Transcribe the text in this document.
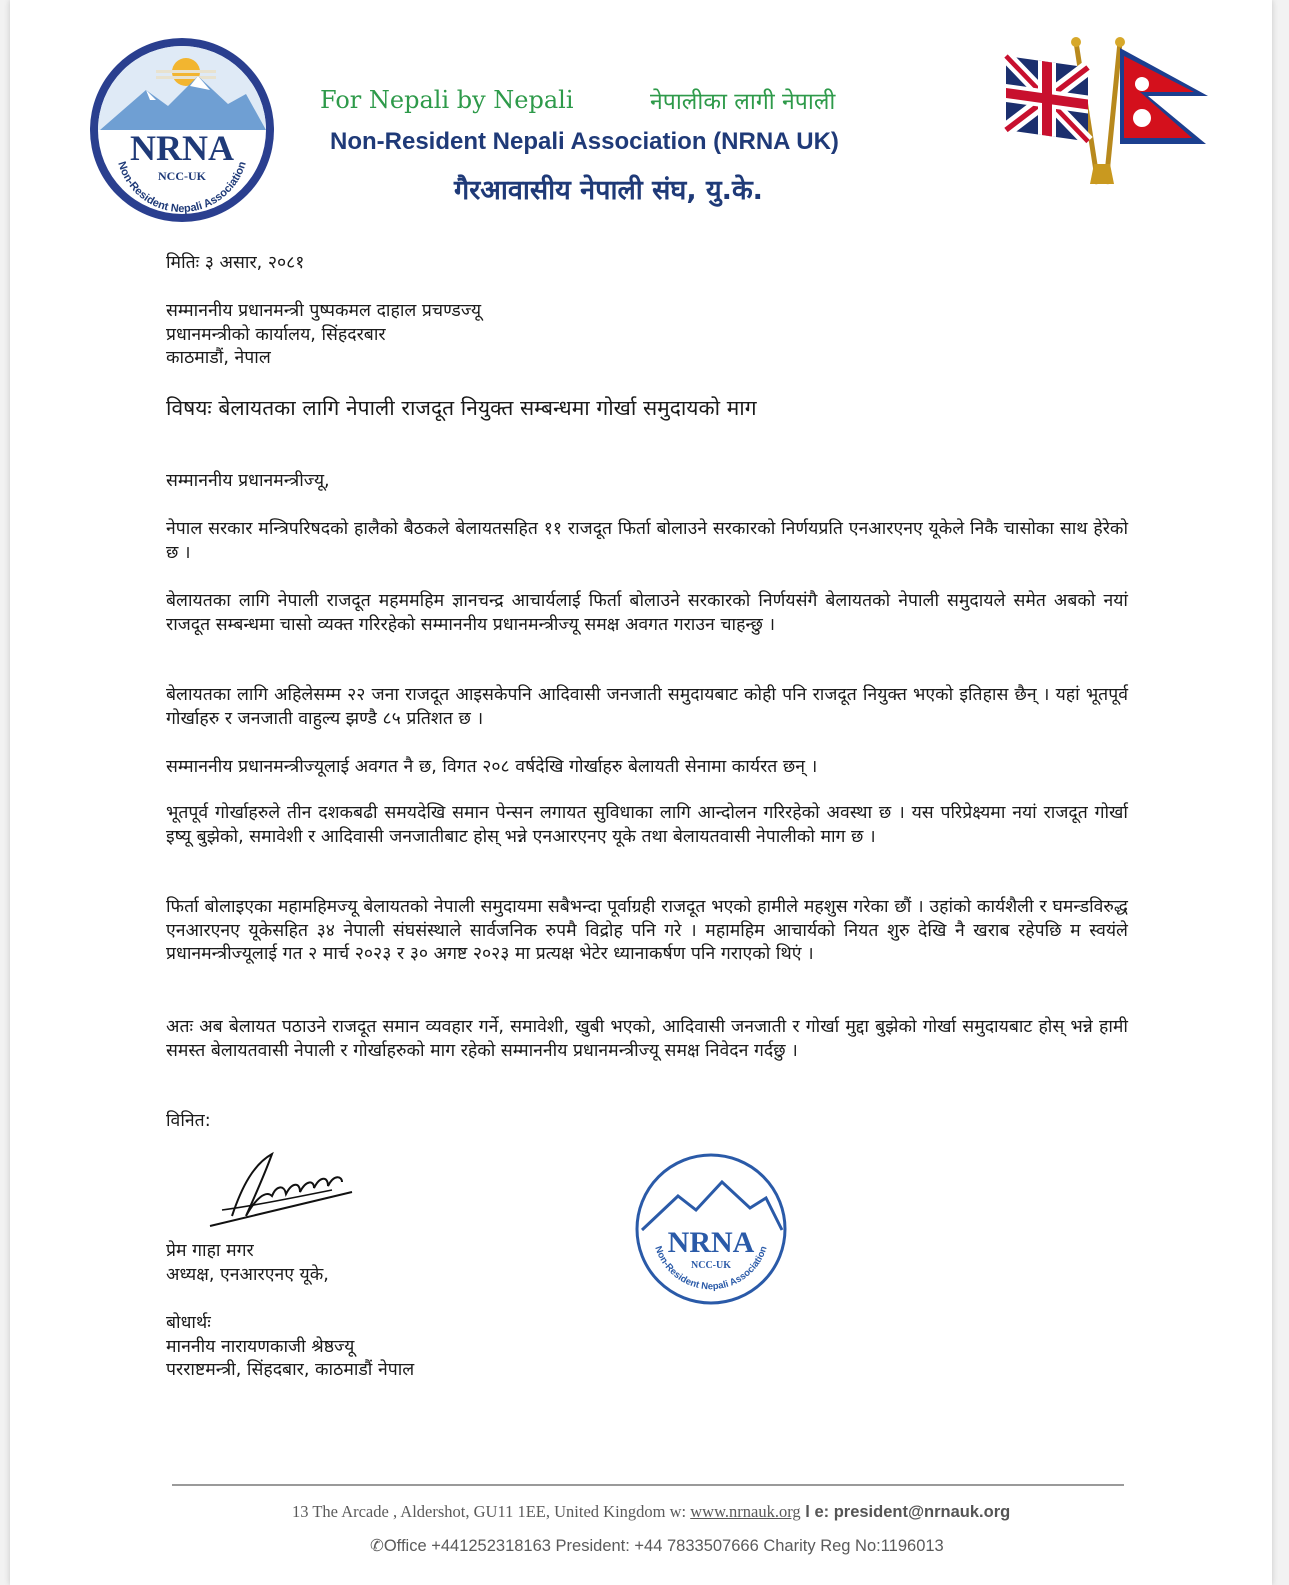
NRNA
NCC-UK
Non-Resident Nepali Association
For Nepali by Nepali	नेपालीका लागी नेपाली
Non-Resident Nepali Association (NRNA UK)
गैरआवासीय नेपाली संघ, यु.के.
मितिः ३ असार, २०८१
सम्माननीय प्रधानमन्त्री पुष्पकमल दाहाल प्रचण्डज्यू
प्रधानमन्त्रीको कार्यालय, सिंहदरबार
काठमाडौं, नेपाल
विषयः बेलायतका लागि नेपाली राजदूत नियुक्त सम्बन्धमा गोर्खा समुदायको माग
सम्माननीय प्रधानमन्त्रीज्यू,

नेपाल सरकार मन्त्रिपरिषदको हालैको बैठकले बेलायतसहित ११ राजदूत फिर्ता बोलाउने सरकारको निर्णयप्रति एनआरएनए यूकेले निकै चासोका साथ हेरेको छ ।

बेलायतका लागि नेपाली राजदूत महममहिम ज्ञानचन्द्र आचार्यलाई फिर्ता बोलाउने सरकारको निर्णयसंगै बेलायतको नेपाली समुदायले समेत अबको नयां राजदूत सम्बन्धमा चासो व्यक्त गरिरहेको सम्माननीय प्रधानमन्त्रीज्यू समक्ष अवगत गराउन चाहन्छु ।

बेलायतका लागि अहिलेसम्म २२ जना राजदूत आइसकेपनि आदिवासी जनजाती समुदायबाट कोही पनि राजदूत नियुक्त भएको इतिहास छैन् । यहां भूतपूर्व गोर्खाहरु र जनजाती वाहुल्य झण्डै ८५ प्रतिशत छ ।

सम्माननीय प्रधानमन्त्रीज्यूलाई अवगत नै छ, विगत २०८ वर्षदेखि गोर्खाहरु बेलायती सेनामा कार्यरत छन् ।

भूतपूर्व गोर्खाहरुले तीन दशकबढी समयदेखि समान पेन्सन लगायत सुविधाका लागि आन्दोलन गरिरहेको अवस्था छ । यस परिप्रेक्ष्यमा नयां राजदूत गोर्खा इष्यू बुझेको, समावेशी र आदिवासी जनजातीबाट होस् भन्ने एनआरएनए यूके तथा बेलायतवासी नेपालीको माग छ ।

फिर्ता बोलाइएका महामहिमज्यू बेलायतको नेपाली समुदायमा सबैभन्दा पूर्वाग्रही राजदूत भएको हामीले महशुस गरेका छौं । उहांको कार्यशैली र घमन्डविरुद्ध एनआरएनए यूकेसहित ३४ नेपाली संघसंस्थाले सार्वजनिक रुपमै विद्रोह पनि गरे । महामहिम आचार्यको नियत शुरु देखि नै खराब रहेपछि म स्वयंले प्रधानमन्त्रीज्यूलाई गत २ मार्च २०२३ र ३० अगष्ट २०२३ मा प्रत्यक्ष भेटेर ध्यानाकर्षण पनि गराएको थिएं ।

अतः अब बेलायत पठाउने राजदूत समान व्यवहार गर्ने, समावेशी, खुबी भएको, आदिवासी जनजाती र गोर्खा मुद्दा बुझेको गोर्खा समुदायबाट होस् भन्ने हामी समस्त बेलायतवासी नेपाली र गोर्खाहरुको माग रहेको सम्माननीय प्रधानमन्त्रीज्यू समक्ष निवेदन गर्दछु ।

विनित:
प्रेम गाहा मगर
अध्यक्ष, एनआरएनए यूके,
बोधार्थः
माननीय नारायणकाजी श्रेष्ठज्यू
परराष्टमन्त्री, सिंहदबार, काठमाडौं नेपाल
NRNA
NCC-UK
Non-Resident Nepali Association
13 The Arcade , Aldershot, GU11 1EE, United Kingdom w: www.nrnauk.org l e: president@nrnauk.org
✆Office +441252318163 President: +44 7833507666 Charity Reg No:1196013
